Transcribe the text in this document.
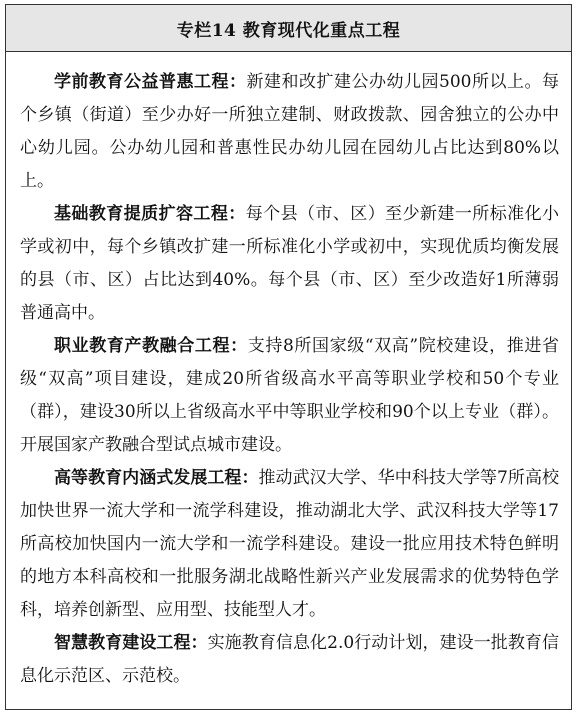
专栏14 教育现代化重点工程

学前教育公益普惠工程：新建和改扩建公办幼儿园500所以上。每个乡镇（街道）至少办好一所独立建制、财政拨款、园舍独立的公办中心幼儿园。公办幼儿园和普惠性民办幼儿园在园幼儿占比达到80%以上。

基础教育提质扩容工程：每个县（市、区）至少新建一所标准化小学或初中，每个乡镇改扩建一所标准化小学或初中，实现优质均衡发展的县（市、区）占比达到40%。每个县（市、区）至少改造好1所薄弱普通高中。

职业教育产教融合工程：支持8所国家级“双高”院校建设，推进省级“双高”项目建设，建成20所省级高水平高等职业学校和50个专业（群），建设30所以上省级高水平中等职业学校和90个以上专业（群）。开展国家产教融合型试点城市建设。

高等教育内涵式发展工程：推动武汉大学、华中科技大学等7所高校加快世界一流大学和一流学科建设，推动湖北大学、武汉科技大学等17所高校加快国内一流大学和一流学科建设。建设一批应用技术特色鲜明的地方本科高校和一批服务湖北战略性新兴产业发展需求的优势特色学科，培养创新型、应用型、技能型人才。

智慧教育建设工程：实施教育信息化2.0行动计划，建设一批教育信息化示范区、示范校。
